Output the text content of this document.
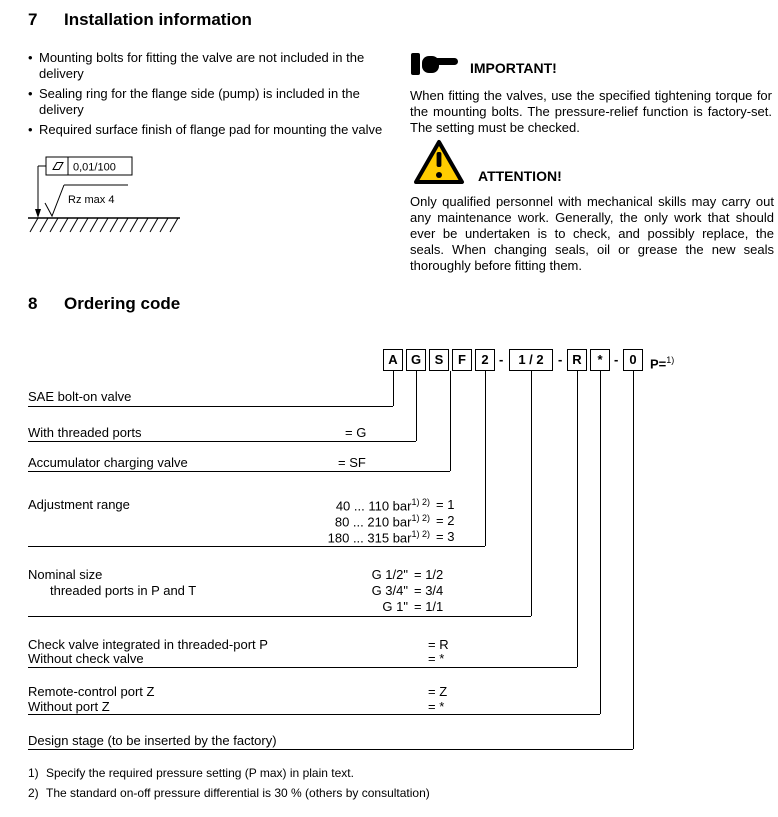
7 Installation information
• Mounting bolts for fitting the valve are not included in the delivery
• Sealing ring for the flange side (pump) is included in the delivery
• Required surface finish of flange pad for mounting the valve
0,01/100
Rz max 4
IMPORTANT!
When fitting the valves, use the specified tightening torque for the mounting bolts. The pressure-relief function is factory-set. The setting must be checked.
ATTENTION!
Only qualified personnel with mechanical skills may carry out any maintenance work. Generally, the only work that should ever be undertaken is to check, and possibly replace, the seals. When changing seals, oil or grease the new seals thoroughly before fitting them.
8 Ordering code
A	G	S	F	2 -	1 / 2	- R	* - 0	P=$^{1)}$
SAE bolt-on valve
With threaded ports	= G
Accumulator charging valve	= SF
Adjustment range	40 ... 110 bar$^{1) 2)}$ = 1
80 ... 210 bar$^{1) 2)}$ = 2
180 ... 315 bar$^{1) 2)}$ = 3
Nominal size
threaded ports in P and T
G 1/2" = 1/2
G 3/4" = 3/4
G 1" = 1/1
Check valve integrated in threaded-port P	= R
Without check valve	= *
Remote-control port Z	= Z
Without port Z	= *
Design stage (to be inserted by the factory)
1) Specify the required pressure setting (P max) in plain text.
2) The standard on-off pressure differential is 30 % (others by consultation)
